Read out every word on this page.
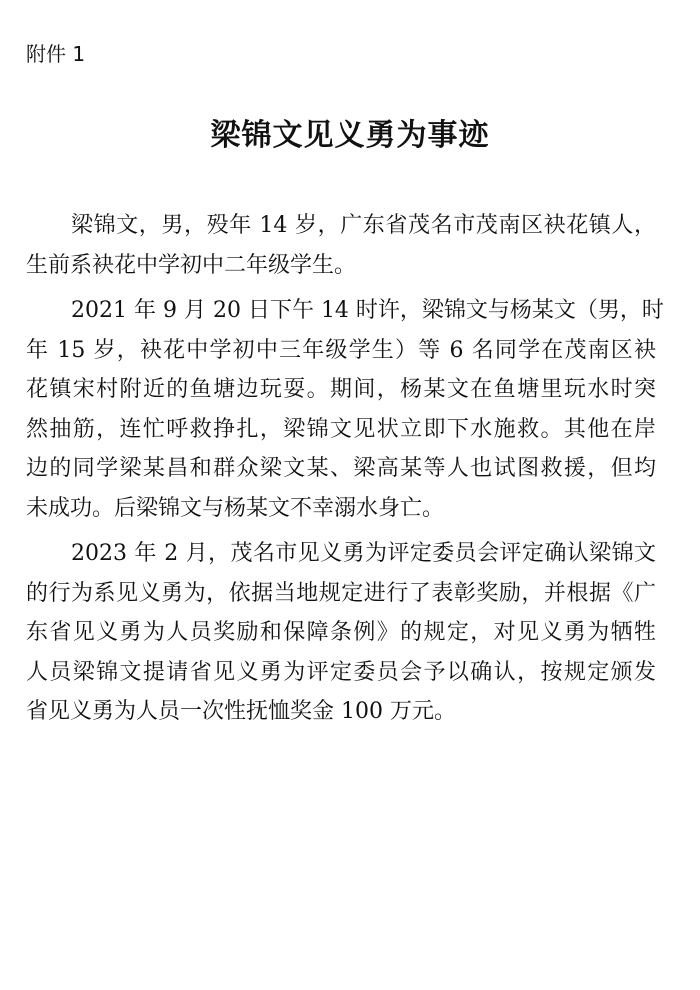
附件 1
梁锦文见义勇为事迹
梁锦文，男，殁年 14 岁，广东省茂名市茂南区袂花镇人，
生前系袂花中学初中二年级学生。
2021 年 9 月 20 日下午 14 时许，梁锦文与杨某文（男，时
年 15 岁，袂花中学初中三年级学生）等 6 名同学在茂南区袂
花镇宋村附近的鱼塘边玩耍。期间，杨某文在鱼塘里玩水时突
然抽筋，连忙呼救挣扎，梁锦文见状立即下水施救。其他在岸
边的同学梁某昌和群众梁文某、梁高某等人也试图救援，但均
未成功。后梁锦文与杨某文不幸溺水身亡。
2023 年 2 月，茂名市见义勇为评定委员会评定确认梁锦文
的行为系见义勇为，依据当地规定进行了表彰奖励，并根据《广
东省见义勇为人员奖励和保障条例》的规定，对见义勇为牺牲
人员梁锦文提请省见义勇为评定委员会予以确认，按规定颁发
省见义勇为人员一次性抚恤奖金 100 万元。
